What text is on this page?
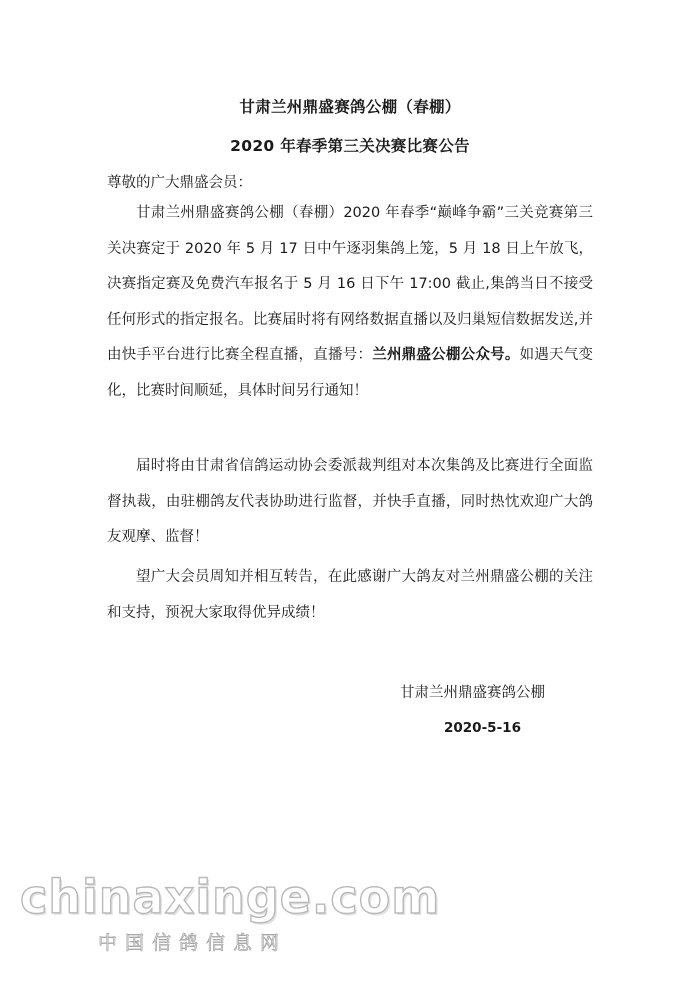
甘肃兰州鼎盛赛鸽公棚（春棚）
2020 年春季第三关决赛比赛公告

尊敬的广大鼎盛会员：

甘肃兰州鼎盛赛鸽公棚（春棚）2020 年春季“巅峰争霸”三关竞赛第三关决赛定于 2020 年 5 月 17 日中午逐羽集鸽上笼，5 月 18 日上午放飞，决赛指定赛及免费汽车报名于 5 月 16 日下午 17:00 截止,集鸽当日不接受任何形式的指定报名。比赛届时将有网络数据直播以及归巢短信数据发送,并由快手平台进行比赛全程直播，直播号：兰州鼎盛公棚公众号。如遇天气变化，比赛时间顺延，具体时间另行通知！

届时将由甘肃省信鸽运动协会委派裁判组对本次集鸽及比赛进行全面监督执裁，由驻棚鸽友代表协助进行监督，并快手直播，同时热忱欢迎广大鸽友观摩、监督！

望广大会员周知并相互转告，在此感谢广大鸽友对兰州鼎盛公棚的关注和支持，预祝大家取得优异成绩！

甘肃兰州鼎盛赛鸽公棚

2020-5-16

chinaxinge.com
中国信鸽信息网
